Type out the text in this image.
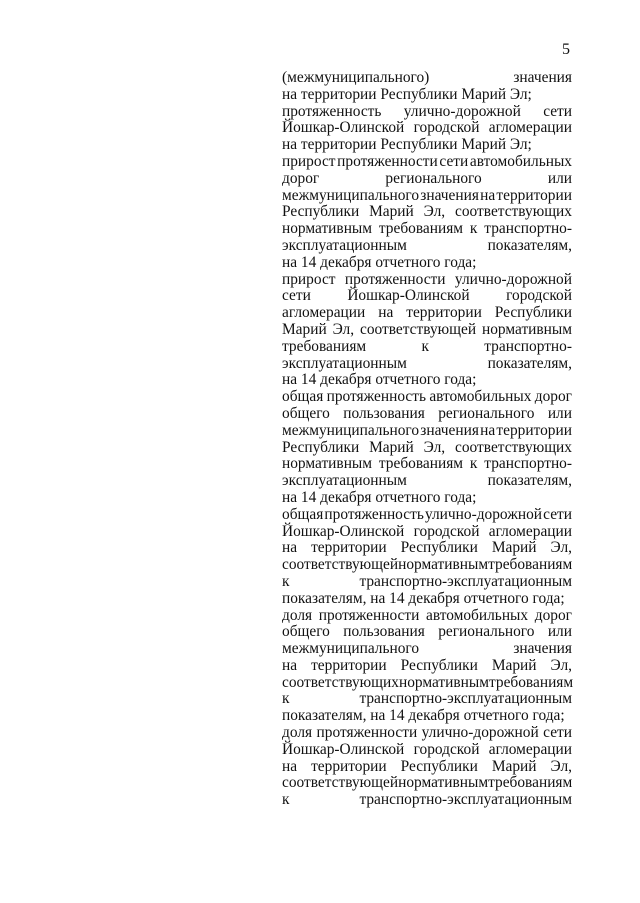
5
(межмуниципального)	значения
на территории Республики Марий Эл;
протяженность улично-дорожной сети
Йошкар-Олинской городской агломерации
на территории Республики Марий Эл;
прирост протяженности сети автомобильных
дорог	регионального	или
межмуниципального значения на территории
Республики Марий Эл, соответствующих
нормативным требованиям к транспортно-
эксплуатационным	показателям,
на 14 декабря отчетного года;
прирост протяженности улично-дорожной
сети Йошкар-Олинской городской
агломерации на территории Республики
Марий Эл, соответствующей нормативным
требованиям	к	транспортно-
эксплуатационным	показателям,
на 14 декабря отчетного года;
общая протяженность автомобильных дорог
общего пользования регионального или
межмуниципального значения на территории
Республики Марий Эл, соответствующих
нормативным требованиям к транспортно-
эксплуатационным	показателям,
на 14 декабря отчетного года;
общая протяженность улично-дорожной сети
Йошкар-Олинской городской агломерации
на территории Республики Марий Эл,
соответствующей нормативным требованиям
к	транспортно-эксплуатационным
показателям, на 14 декабря отчетного года;
доля протяженности автомобильных дорог
общего пользования регионального или
межмуниципального	значения
на территории Республики Марий Эл,
соответствующих нормативным требованиям
к	транспортно-эксплуатационным
показателям, на 14 декабря отчетного года;
доля протяженности улично-дорожной сети
Йошкар-Олинской городской агломерации
на территории Республики Марий Эл,
соответствующей нормативным требованиям
к	транспортно-эксплуатационным
